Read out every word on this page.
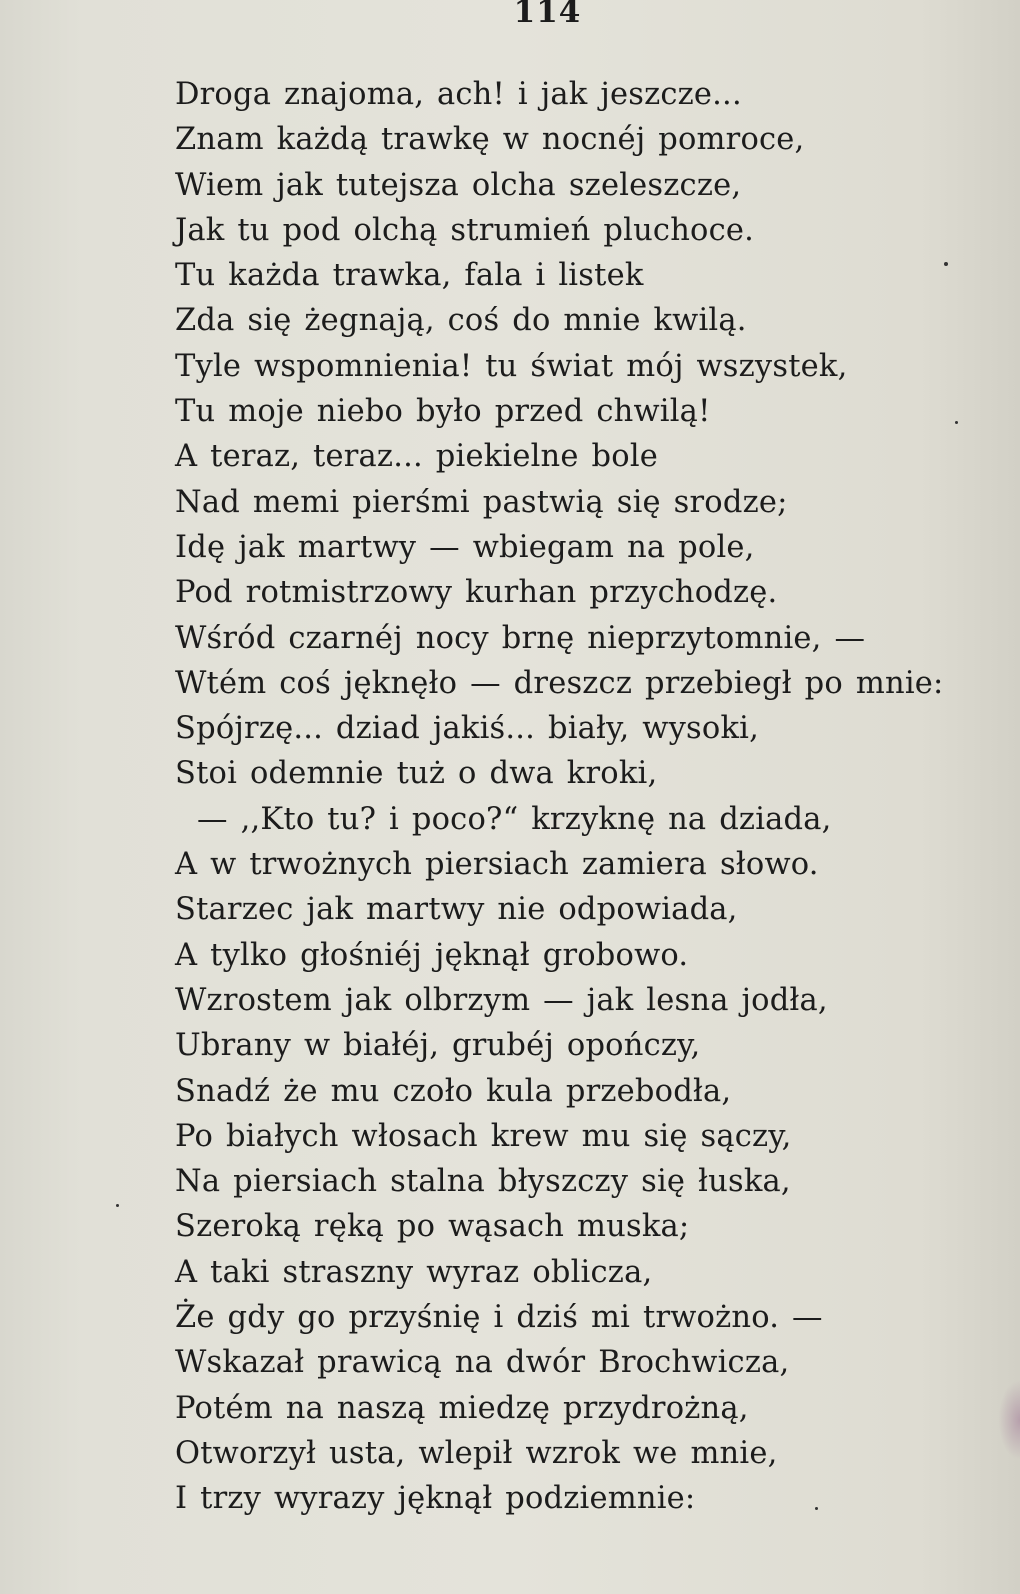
114
Droga znajoma, ach! i jak jeszcze...
Znam każdą trawkę w nocnéj pomroce,
Wiem jak tutejsza olcha szeleszcze,
Jak tu pod olchą strumień pluchoce.
Tu każda trawka, fala i listek
Zda się żegnają, coś do mnie kwilą.
Tyle wspomnienia! tu świat mój wszystek,
Tu moje niebo było przed chwilą!
A teraz, teraz... piekielne bole
Nad memi pierśmi pastwią się srodze;
Idę jak martwy — wbiegam na pole,
Pod rotmistrzowy kurhan przychodzę.
Wśród czarnéj nocy brnę nieprzytomnie, —
Wtém coś jęknęło — dreszcz przebiegł po mnie:
Spójrzę... dziad jakiś... biały, wysoki,
Stoi odemnie tuż o dwa kroki,
— ,,Kto tu? i poco?“ krzyknę na dziada,
A w trwożnych piersiach zamiera słowo.
Starzec jak martwy nie odpowiada,
A tylko głośniéj jęknął grobowo.
Wzrostem jak olbrzym — jak lesna jodła,
Ubrany w białéj, grubéj opończy,
Snadź że mu czoło kula przebodła,
Po białych włosach krew mu się sączy,
Na piersiach stalna błyszczy się łuska,
Szeroką ręką po wąsach muska;
A taki straszny wyraz oblicza,
Że gdy go przyśnię i dziś mi trwożno. —
Wskazał prawicą na dwór Brochwicza,
Potém na naszą miedzę przydrożną,
Otworzył usta, wlepił wzrok we mnie,
I trzy wyrazy jęknął podziemnie:
